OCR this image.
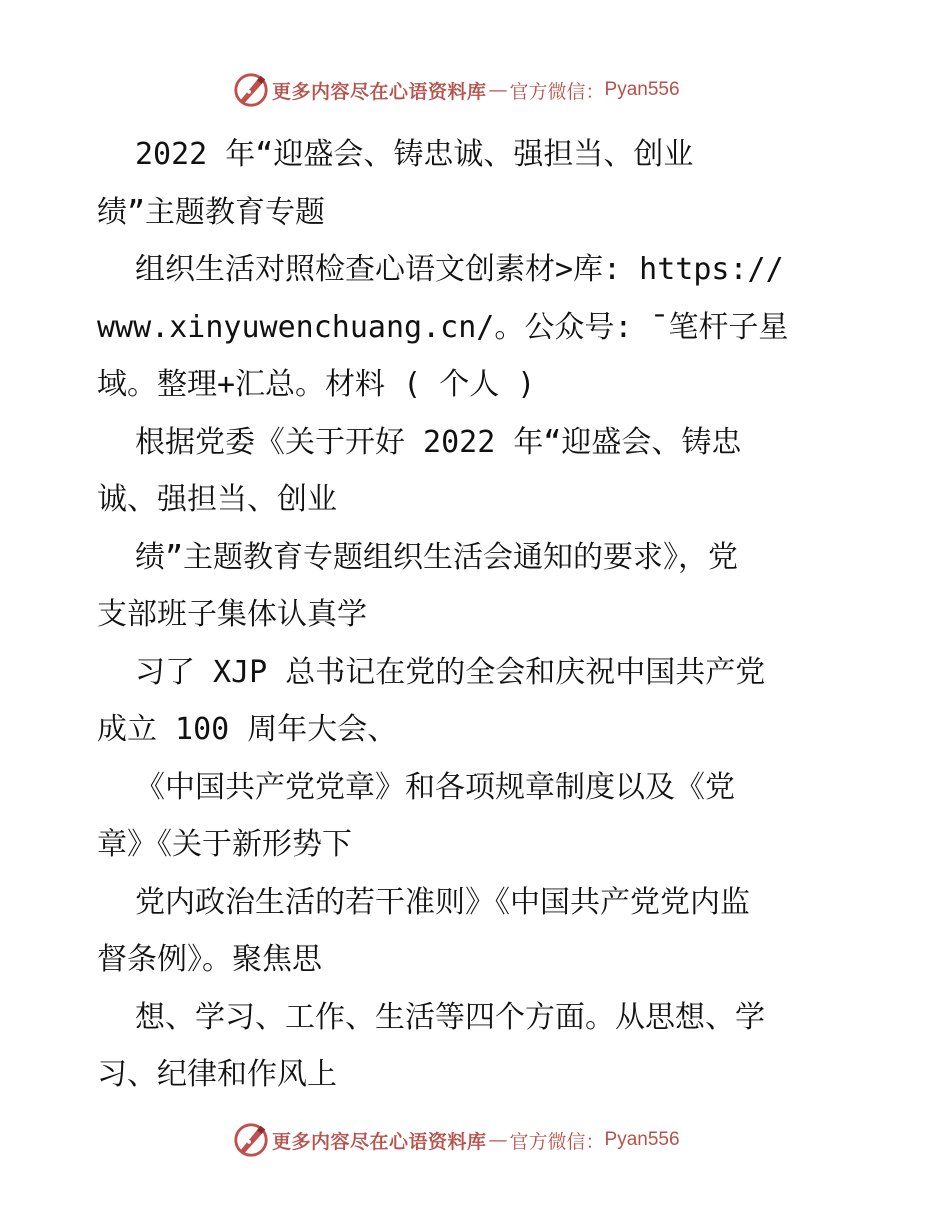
更多内容尽在心语资料库 — 官方微信： Pyan556
2022 年“迎盛会、铸忠诚、强担当、创业
绩”主题教育专题
组织生活对照检查心语文创素材>库: https://
www.xinyuwenchuang.cn/。公众号: ¯笔杆子星
域。整理+汇总。材料 ( 个人 )
根据党委《关于开好 2022 年“迎盛会、铸忠
诚、强担当、创业
绩”主题教育专题组织生活会通知的要求》，党
支部班子集体认真学
习了 XJP 总书记在党的全会和庆祝中国共产党
成立 100 周年大会、
《中国共产党党章》和各项规章制度以及《党
章》《关于新形势下
党内政治生活的若干准则》《中国共产党党内监
督条例》。聚焦思
想、学习、工作、生活等四个方面。从思想、学
习、纪律和作风上
更多内容尽在心语资料库 — 官方微信： Pyan556
